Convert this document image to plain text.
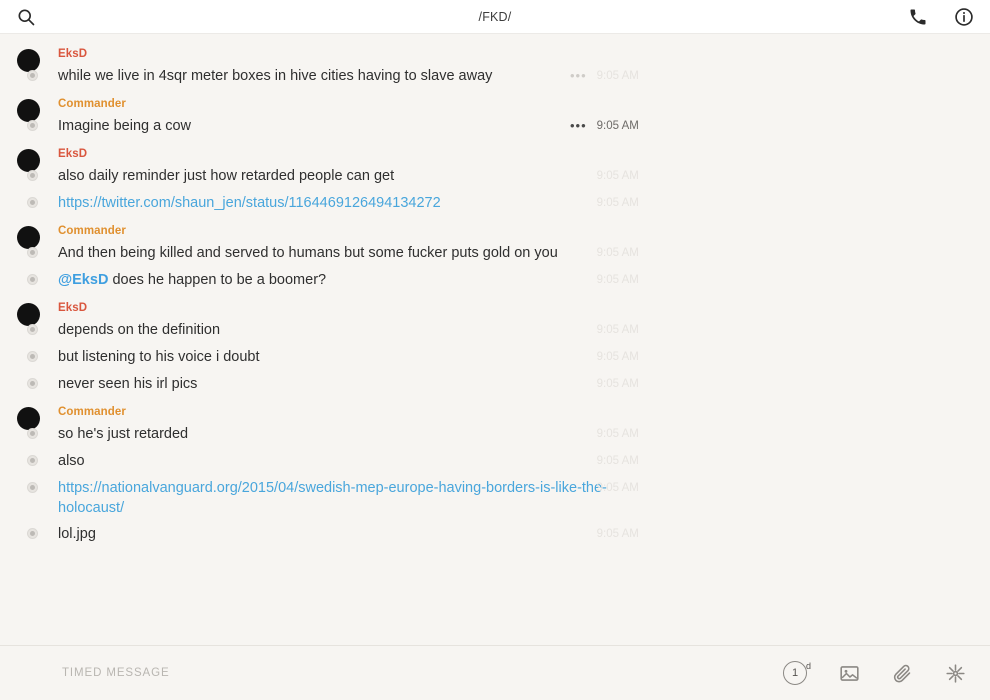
/FKD/
EksD
while we live in 4sqr meter boxes in hive cities having to slave away	••• 9:05 AM
Commander
Imagine being a cow	••• 9:05 AM
EksD
also daily reminder just how retarded people can get	9:05 AM
https://twitter.com/shaun_jen/status/1164469126494134272	9:05 AM
Commander
And then being killed and served to humans but some fucker puts gold on you	9:05 AM
@EksD does he happen to be a boomer?	9:05 AM
EksD
depends on the definition	9:05 AM
but listening to his voice i doubt	9:05 AM
never seen his irl pics	9:05 AM
Commander
so he's just retarded	9:05 AM
also	9:05 AM
https://nationalvanguard.org/2015/04/swedish-mep-europe-having-borders-is-like-the-holocaust/
9:05 AM
lol.jpg	9:05 AM
TIMED MESSAGE	1
d
